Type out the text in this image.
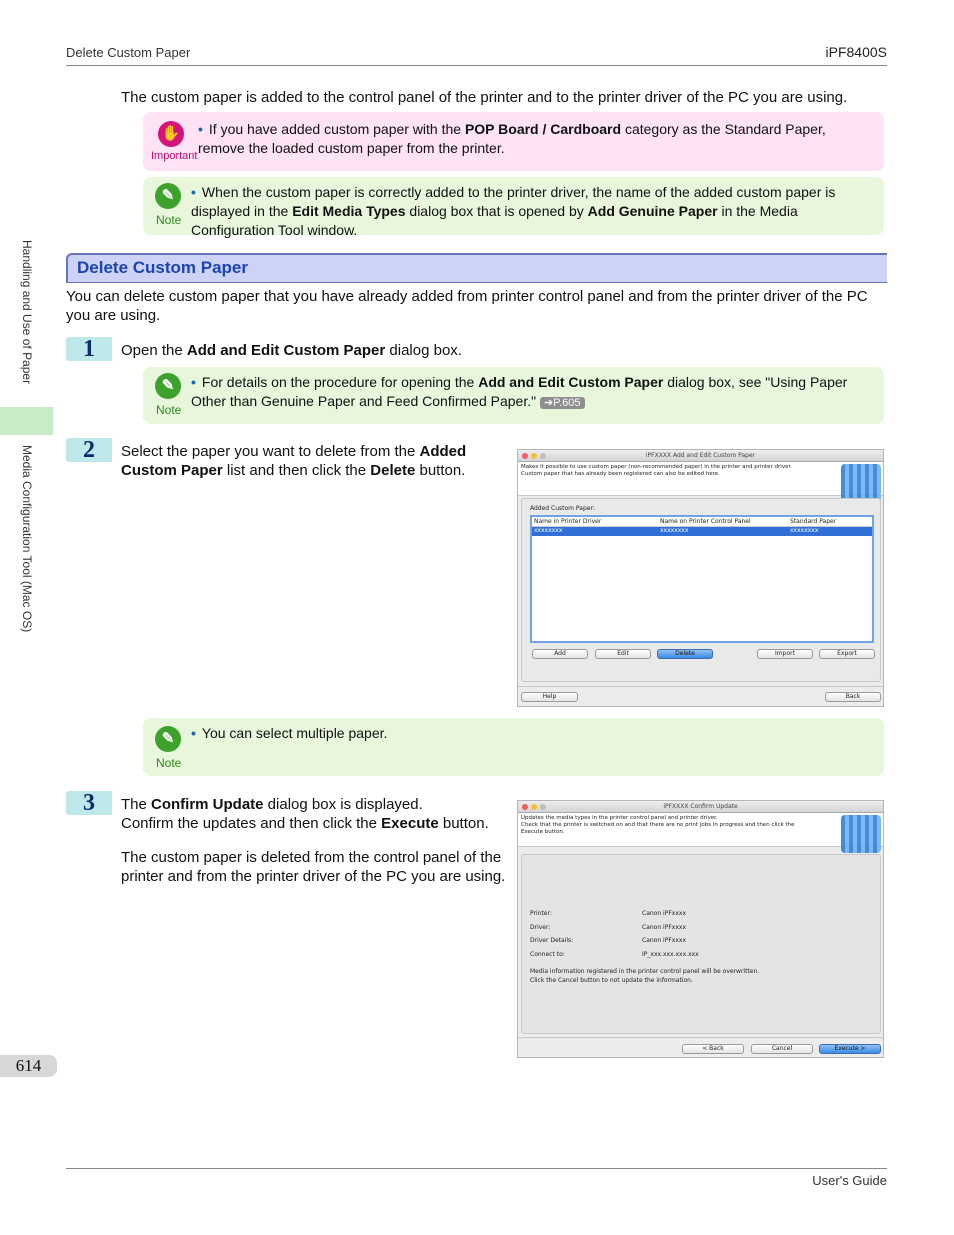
Delete Custom Paper	iPF8400S
User's Guide
Handling and Use of Paper
Media Configuration Tool (Mac OS)
614
The custom paper is added to the control panel of the printer and to the printer driver of the PC you are using.
✋
Important
• If you have added custom paper with the POP Board / Cardboard category as the Standard Paper, remove the loaded custom paper from the printer.
✎
Note
• When the custom paper is correctly added to the printer driver, the name of the added custom paper is displayed in the Edit Media Types dialog box that is opened by Add Genuine Paper in the Media Configuration Tool window.
Delete Custom Paper
You can delete custom paper that you have already added from printer control panel and from the printer driver of the PC you are using.
1	Open the Add and Edit Custom Paper dialog box.
✎
Note
• For details on the procedure for opening the Add and Edit Custom Paper dialog box, see "Using Paper Other than Genuine Paper and Feed Confirmed Paper." ➔P.605
2	Select the paper you want to delete from the Added Custom Paper list and then click the Delete button.
iPFXXXX Add and Edit Custom Paper
Makes it possible to use custom paper (non-recommended paper) in the printer and printer driver.
Custom paper that has already been registered can also be edited here.
Added Custom Paper:
Name in Printer Driver	Name on Printer Control Panel	Standard Paper
xxxxxxxx	xxxxxxxx	xxxxxxxx
Add	Edit	Delete	Import	Export
Help	Back
✎
Note
• You can select multiple paper.
3	The Confirm Update dialog box is displayed.
Confirm the updates and then click the Execute button.
The custom paper is deleted from the control panel of the printer and from the printer driver of the PC you are using.
iPFXXXX Confirm Update
Updates the media types in the printer control panel and printer driver.
Check that the printer is switched on and that there are no print jobs in progress and then click the
Execute button.
Printer:	Canon iPFxxxx
Driver:	Canon iPFxxxx
Driver Details:	Canon iPFxxxx
Connect to:	IP_xxx.xxx.xxx.xxx
Media information registered in the printer control panel will be overwritten.
Click the Cancel button to not update the information.
< Back	Cancel	Execute >
